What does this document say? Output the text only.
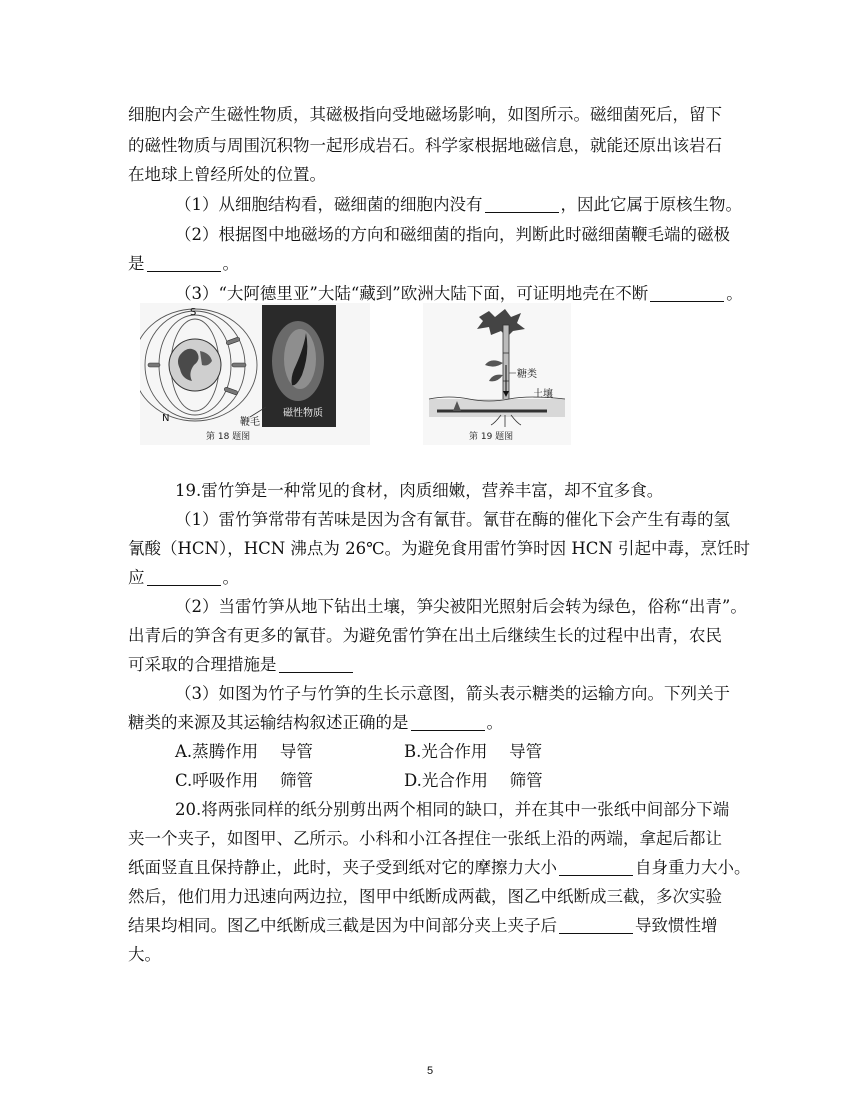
细胞内会产生磁性物质，其磁极指向受地磁场影响，如图所示。磁细菌死后，留下
的磁性物质与周围沉积物一起形成岩石。科学家根据地磁信息，就能还原出该岩石
在地球上曾经所处的位置。
（1）从细胞结构看，磁细菌的细胞内没有	，因此它属于原核生物。
（2）根据图中地磁场的方向和磁细菌的指向，判断此时磁细菌鞭毛端的磁极
是	。
（3）“大阿德里亚”大陆“藏到”欧洲大陆下面，可证明地壳在不断	。
S
N	磁性物质
鞭毛
第 18 题图
糖类
土壤
第 19 题图
19.雷竹笋是一种常见的食材，肉质细嫩，营养丰富，却不宜多食。
（1）雷竹笋常带有苦味是因为含有氰苷。氰苷在酶的催化下会产生有毒的氢
氰酸（HCN），HCN 沸点为 26℃。为避免食用雷竹笋时因 HCN 引起中毒，烹饪时
应	。
（2）当雷竹笋从地下钻出土壤，笋尖被阳光照射后会转为绿色，俗称“出青”。
出青后的笋含有更多的氰苷。为避免雷竹笋在出土后继续生长的过程中出青，农民
可采取的合理措施是
（3）如图为竹子与竹笋的生长示意图，箭头表示糖类的运输方向。下列关于
糖类的来源及其运输结构叙述正确的是	。
A.蒸腾作用　 导管	B.光合作用　 导管
C.呼吸作用　 筛管	D.光合作用　 筛管
20.将两张同样的纸分别剪出两个相同的缺口，并在其中一张纸中间部分下端
夹一个夹子，如图甲、乙所示。小科和小江各捏住一张纸上沿的两端，拿起后都让
纸面竖直且保持静止，此时，夹子受到纸对它的摩擦力大小	自身重力大小。
然后，他们用力迅速向两边拉，图甲中纸断成两截，图乙中纸断成三截，多次实验
结果均相同。图乙中纸断成三截是因为中间部分夹上夹子后	导致惯性增
大。
5
